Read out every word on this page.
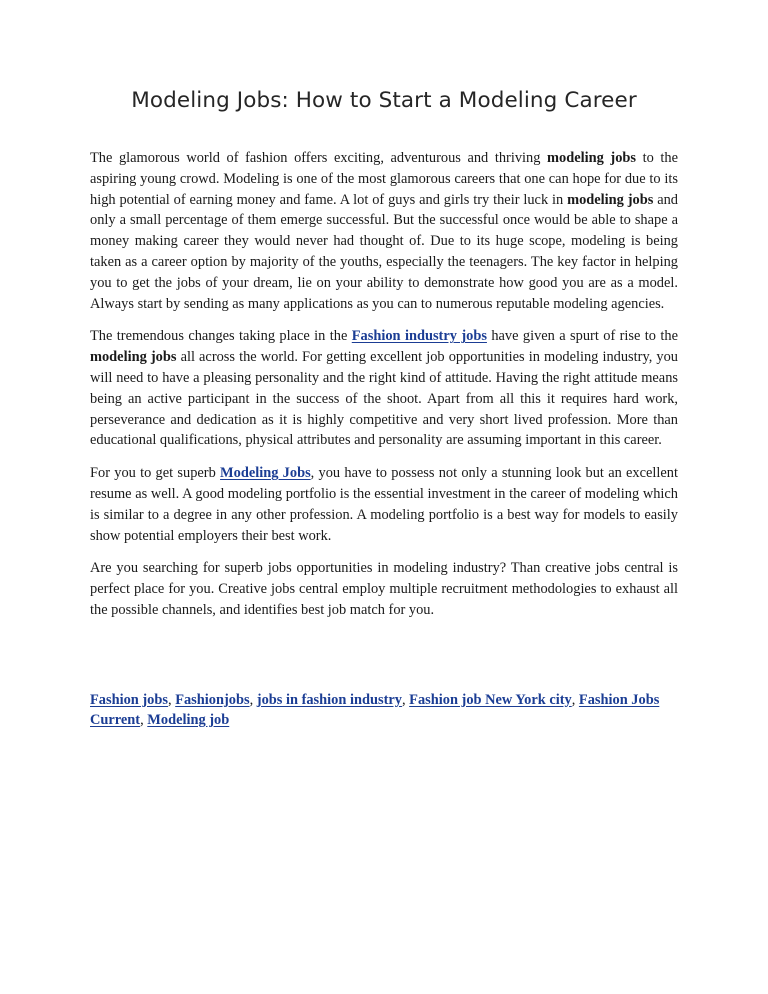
Modeling Jobs: How to Start a Modeling Career

The glamorous world of fashion offers exciting, adventurous and thriving modeling jobs to the aspiring young crowd. Modeling is one of the most glamorous careers that one can hope for due to its high potential of earning money and fame. A lot of guys and girls try their luck in modeling jobs and only a small percentage of them emerge successful. But the successful once would be able to shape a money making career they would never had thought of. Due to its huge scope, modeling is being taken as a career option by majority of the youths, especially the teenagers. The key factor in helping you to get the jobs of your dream, lie on your ability to demonstrate how good you are as a model. Always start by sending as many applications as you can to numerous reputable modeling agencies.

The tremendous changes taking place in the Fashion industry jobs have given a spurt of rise to the modeling jobs all across the world. For getting excellent job opportunities in modeling industry, you will need to have a pleasing personality and the right kind of attitude. Having the right attitude means being an active participant in the success of the shoot. Apart from all this it requires hard work, perseverance and dedication as it is highly competitive and very short lived profession. More than educational qualifications, physical attributes and personality are assuming important in this career.

For you to get superb Modeling Jobs, you have to possess not only a stunning look but an excellent resume as well. A good modeling portfolio is the essential investment in the career of modeling which is similar to a degree in any other profession. A modeling portfolio is a best way for models to easily show potential employers their best work.

Are you searching for superb jobs opportunities in modeling industry? Than creative jobs central is perfect place for you. Creative jobs central employ multiple recruitment methodologies to exhaust all the possible channels, and identifies best job match for you.

Fashion jobs, Fashionjobs, jobs in fashion industry, Fashion job New York city, Fashion Jobs Current, Modeling job
